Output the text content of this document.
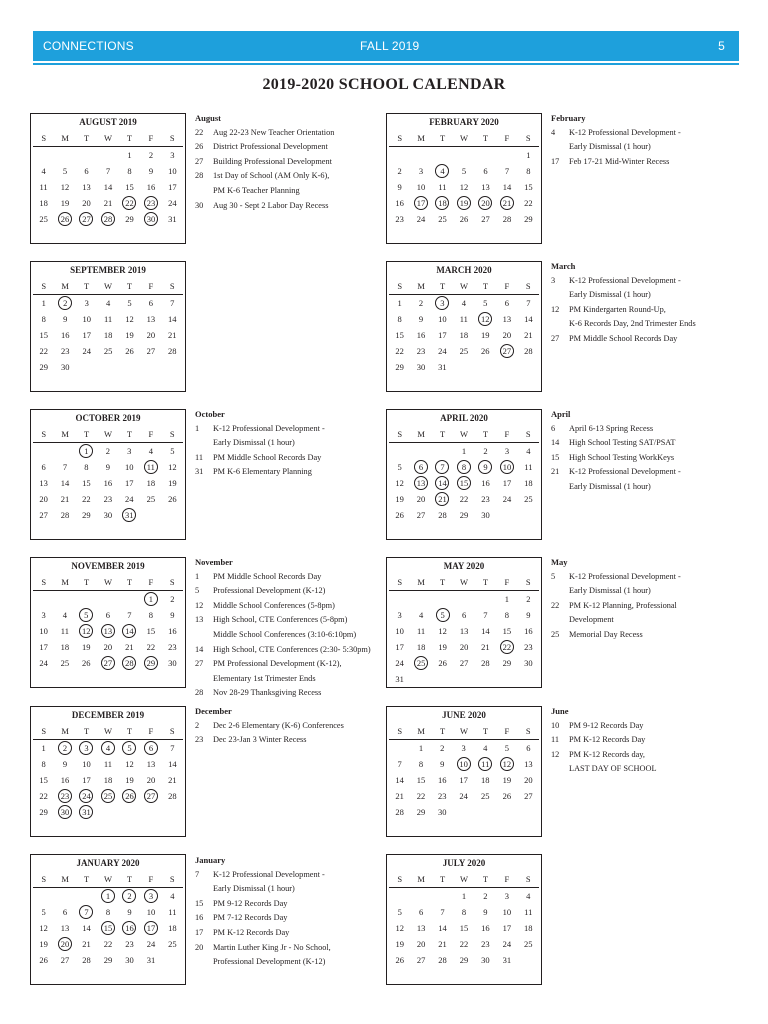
CONNECTIONS	FALL 2019	5
2019-2020 SCHOOL CALENDAR
AUGUST 2019
S	M	T	W	T	F	S
				1	2	3
4	5	6	7	8	9	10
11	12	13	14	15	16	17
18	19	20	21	22	23	24
25	26	27	28	29	30	31

SEPTEMBER 2019
S	M	T	W	T	F	S
1	2	3	4	5	6	7
8	9	10	11	12	13	14
15	16	17	18	19	20	21
22	23	24	25	26	27	28
29	30					

OCTOBER 2019
S	M	T	W	T	F	S
		1	2	3	4	5
6	7	8	9	10	11	12
13	14	15	16	17	18	19
20	21	22	23	24	25	26
27	28	29	30	31		

NOVEMBER 2019
S	M	T	W	T	F	S
					1	2
3	4	5	6	7	8	9
10	11	12	13	14	15	16
17	18	19	20	21	22	23
24	25	26	27	28	29	30

DECEMBER 2019
S	M	T	W	T	F	S
1	2	3	4	5	6	7
8	9	10	11	12	13	14
15	16	17	18	19	20	21
22	23	24	25	26	27	28
29	30	31				

JANUARY 2020
S	M	T	W	T	F	S
			1	2	3	4
5	6	7	8	9	10	11
12	13	14	15	16	17	18
19	20	21	22	23	24	25
26	27	28	29	30	31	

FEBRUARY 2020
S	M	T	W	T	F	S
						1
2	3	4	5	6	7	8
9	10	11	12	13	14	15
16	17	18	19	20	21	22
23	24	25	26	27	28	29

MARCH 2020
S	M	T	W	T	F	S
1	2	3	4	5	6	7
8	9	10	11	12	13	14
15	16	17	18	19	20	21
22	23	24	25	26	27	28
29	30	31				

APRIL 2020
S	M	T	W	T	F	S
			1	2	3	4
5	6	7	8	9	10	11
12	13	14	15	16	17	18
19	20	21	22	23	24	25
26	27	28	29	30		

MAY 2020
S	M	T	W	T	F	S
					1	2
3	4	5	6	7	8	9
10	11	12	13	14	15	16
17	18	19	20	21	22	23
24	25	26	27	28	29	30
31						
JUNE 2020
S	M	T	W	T	F	S
	1	2	3	4	5	6
7	8	9	10	11	12	13
14	15	16	17	18	19	20
21	22	23	24	25	26	27
28	29	30				

JULY 2020
S	M	T	W	T	F	S
			1	2	3	4
5	6	7	8	9	10	11
12	13	14	15	16	17	18
19	20	21	22	23	24	25
26	27	28	29	30	31	

August
22	Aug 22-23 New Teacher Orientation
26	District Professional Development
27	Building Professional Development
28	1st Day of School (AM Only K-6),
PM K-6 Teacher Planning
30	Aug 30 - Sept 2 Labor Day Recess
October
1	K-12 Professional Development -
Early Dismissal (1 hour)
11	PM Middle School Records Day
31	PM K-6 Elementary Planning
November
1	PM Middle School Records Day
5	Professional Development (K-12)
12	Middle School Conferences (5-8pm)
13	High School, CTE Conferences (5-8pm)
Middle School Conferences (3:10-6:10pm)
14	High School, CTE Conferences (2:30- 5:30pm)
27	PM Professional Development (K-12),
Elementary 1st Trimester Ends
28	Nov 28-29 Thanksgiving Recess
December
2	Dec 2-6 Elementary (K-6) Conferences
23	Dec 23-Jan 3 Winter Recess
January
7	K-12 Professional Development -
Early Dismissal (1 hour)
15	PM 9-12 Records Day
16	PM 7-12 Records Day
17	PM K-12 Records Day
20	Martin Luther King Jr - No School,
Professional Development (K-12)
February
4	K-12 Professional Development -
Early Dismissal (1 hour)
17	Feb 17-21 Mid-Winter Recess
March
3	K-12 Professional Development -
Early Dismissal (1 hour)
12	PM Kindergarten Round-Up,
K-6 Records Day, 2nd Trimester Ends
27	PM Middle School Records Day
April
6	April 6-13 Spring Recess
14	High School Testing SAT/PSAT
15	High School Testing WorkKeys
21	K-12 Professional Development -
Early Dismissal (1 hour)
May
5	K-12 Professional Development -
Early Dismissal (1 hour)
22	PM K-12 Planning, Professional
Development
25	Memorial Day Recess
June
10	PM 9-12 Records Day
11	PM K-12 Records Day
12	PM K-12 Records day,
LAST DAY OF SCHOOL
